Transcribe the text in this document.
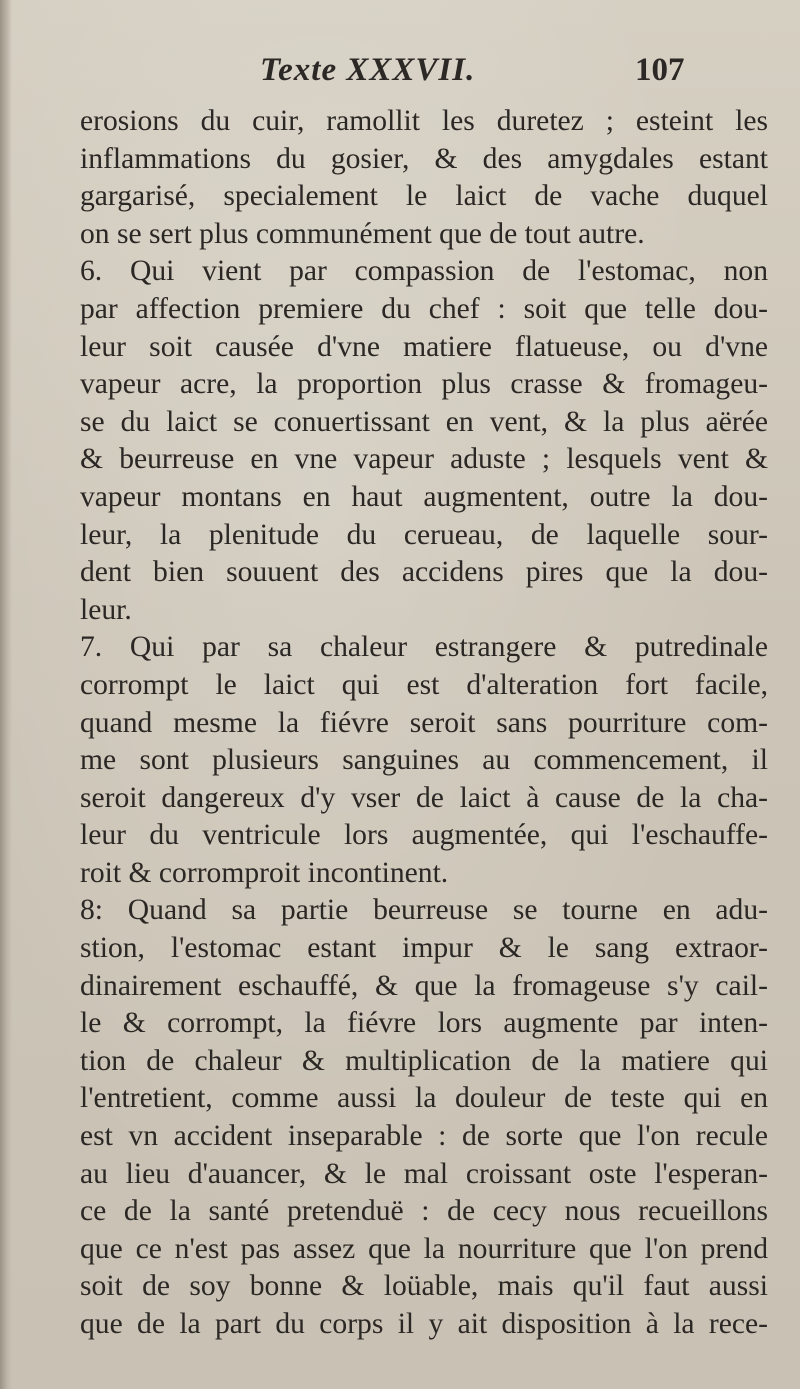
Texte XXXVII.	107
erosions du cuir, ramollit les duretez ; esteint les
inflammations du gosier, & des amygdales estant
gargarisé, specialement le laict de vache duquel
on se sert plus communément que de tout autre.
6. Qui vient par compassion de l'estomac, non
par affection premiere du chef : soit que telle dou-
leur soit causée d'vne matiere flatueuse, ou d'vne
vapeur acre, la proportion plus crasse & fromageu-
se du laict se conuertissant en vent, & la plus aërée
& beurreuse en vne vapeur aduste ; lesquels vent &
vapeur montans en haut augmentent, outre la dou-
leur, la plenitude du cerueau, de laquelle sour-
dent bien souuent des accidens pires que la dou-
leur.
7. Qui par sa chaleur estrangere & putredinale
corrompt le laict qui est d'alteration fort facile,
quand mesme la fiévre seroit sans pourriture com-
me sont plusieurs sanguines au commencement, il
seroit dangereux d'y vser de laict à cause de la cha-
leur du ventricule lors augmentée, qui l'eschauffe-
roit & corromproit incontinent.
8: Quand sa partie beurreuse se tourne en adu-
stion, l'estomac estant impur & le sang extraor-
dinairement eschauffé, & que la fromageuse s'y cail-
le & corrompt, la fiévre lors augmente par inten-
tion de chaleur & multiplication de la matiere qui
l'entretient, comme aussi la douleur de teste qui en
est vn accident inseparable : de sorte que l'on recule
au lieu d'auancer, & le mal croissant oste l'esperan-
ce de la santé pretenduë : de cecy nous recueillons
que ce n'est pas assez que la nourriture que l'on prend
soit de soy bonne & loüable, mais qu'il faut aussi
que de la part du corps il y ait disposition à la rece-
